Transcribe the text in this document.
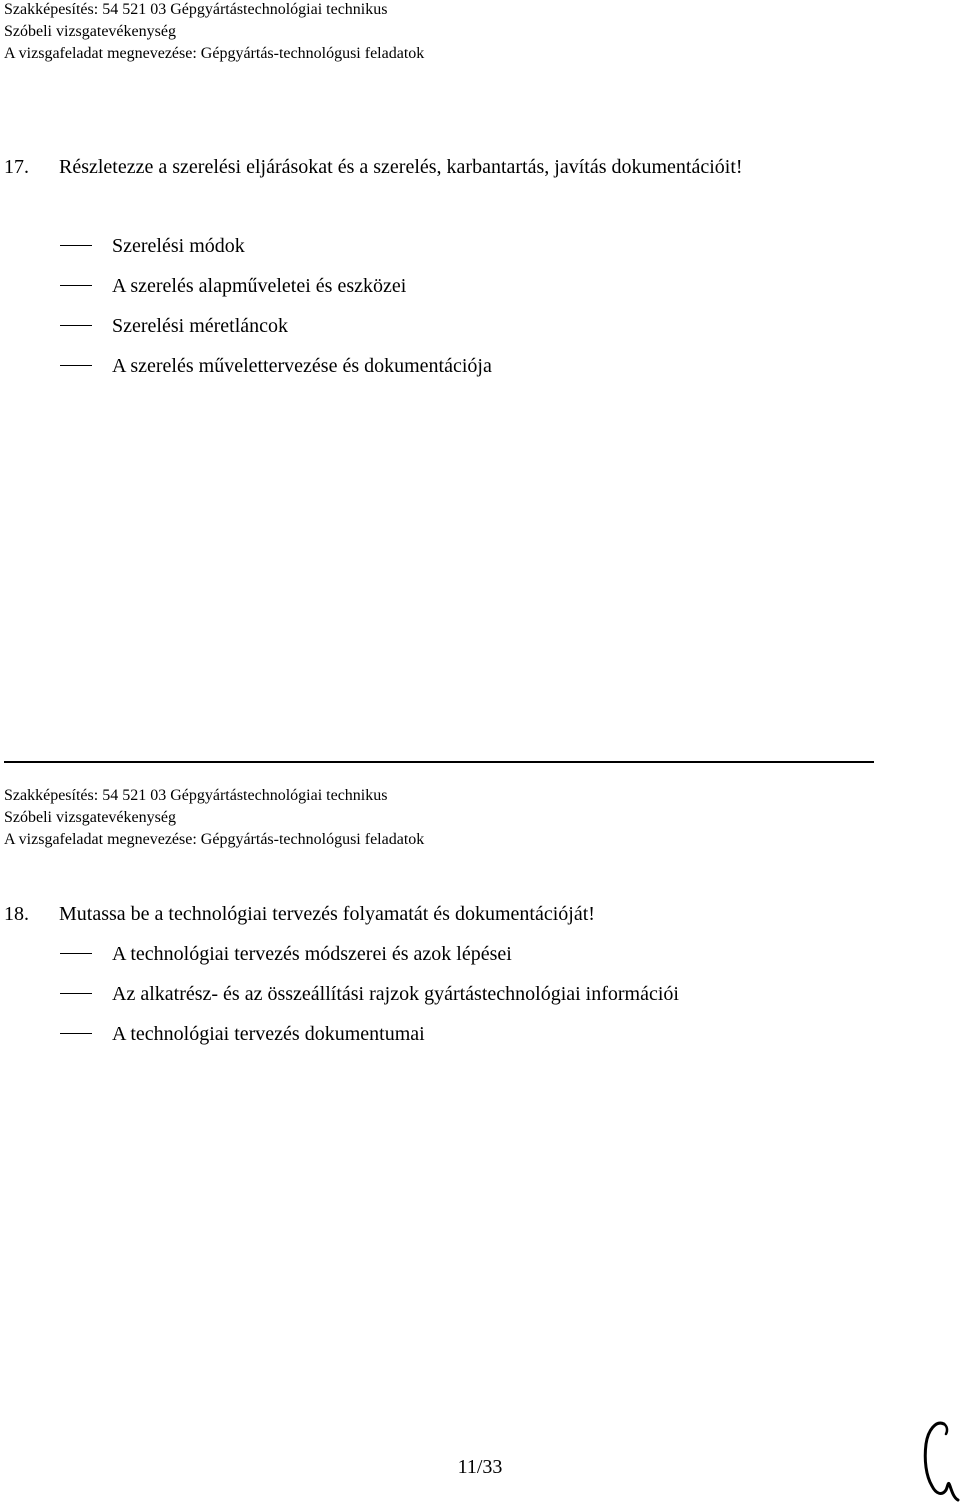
Szakképesítés: 54 521 03 Gépgyártástechnológiai technikus
Szóbeli vizsgatevékenység
A vizsgafeladat megnevezése: Gépgyártás-technológusi feladatok
17. Részletezze a szerelési eljárásokat és a szerelés, karbantartás, javítás dokumentációit!
Szerelési módok
A szerelés alapműveletei és eszközei
Szerelési méretláncok
A szerelés művelettervezése és dokumentációja
Szakképesítés: 54 521 03 Gépgyártástechnológiai technikus
Szóbeli vizsgatevékenység
A vizsgafeladat megnevezése: Gépgyártás-technológusi feladatok
18. Mutassa be a technológiai tervezés folyamatát és dokumentációját!
A technológiai tervezés módszerei és azok lépései
Az alkatrész- és az összeállítási rajzok gyártástechnológiai információi
A technológiai tervezés dokumentumai
11/33
